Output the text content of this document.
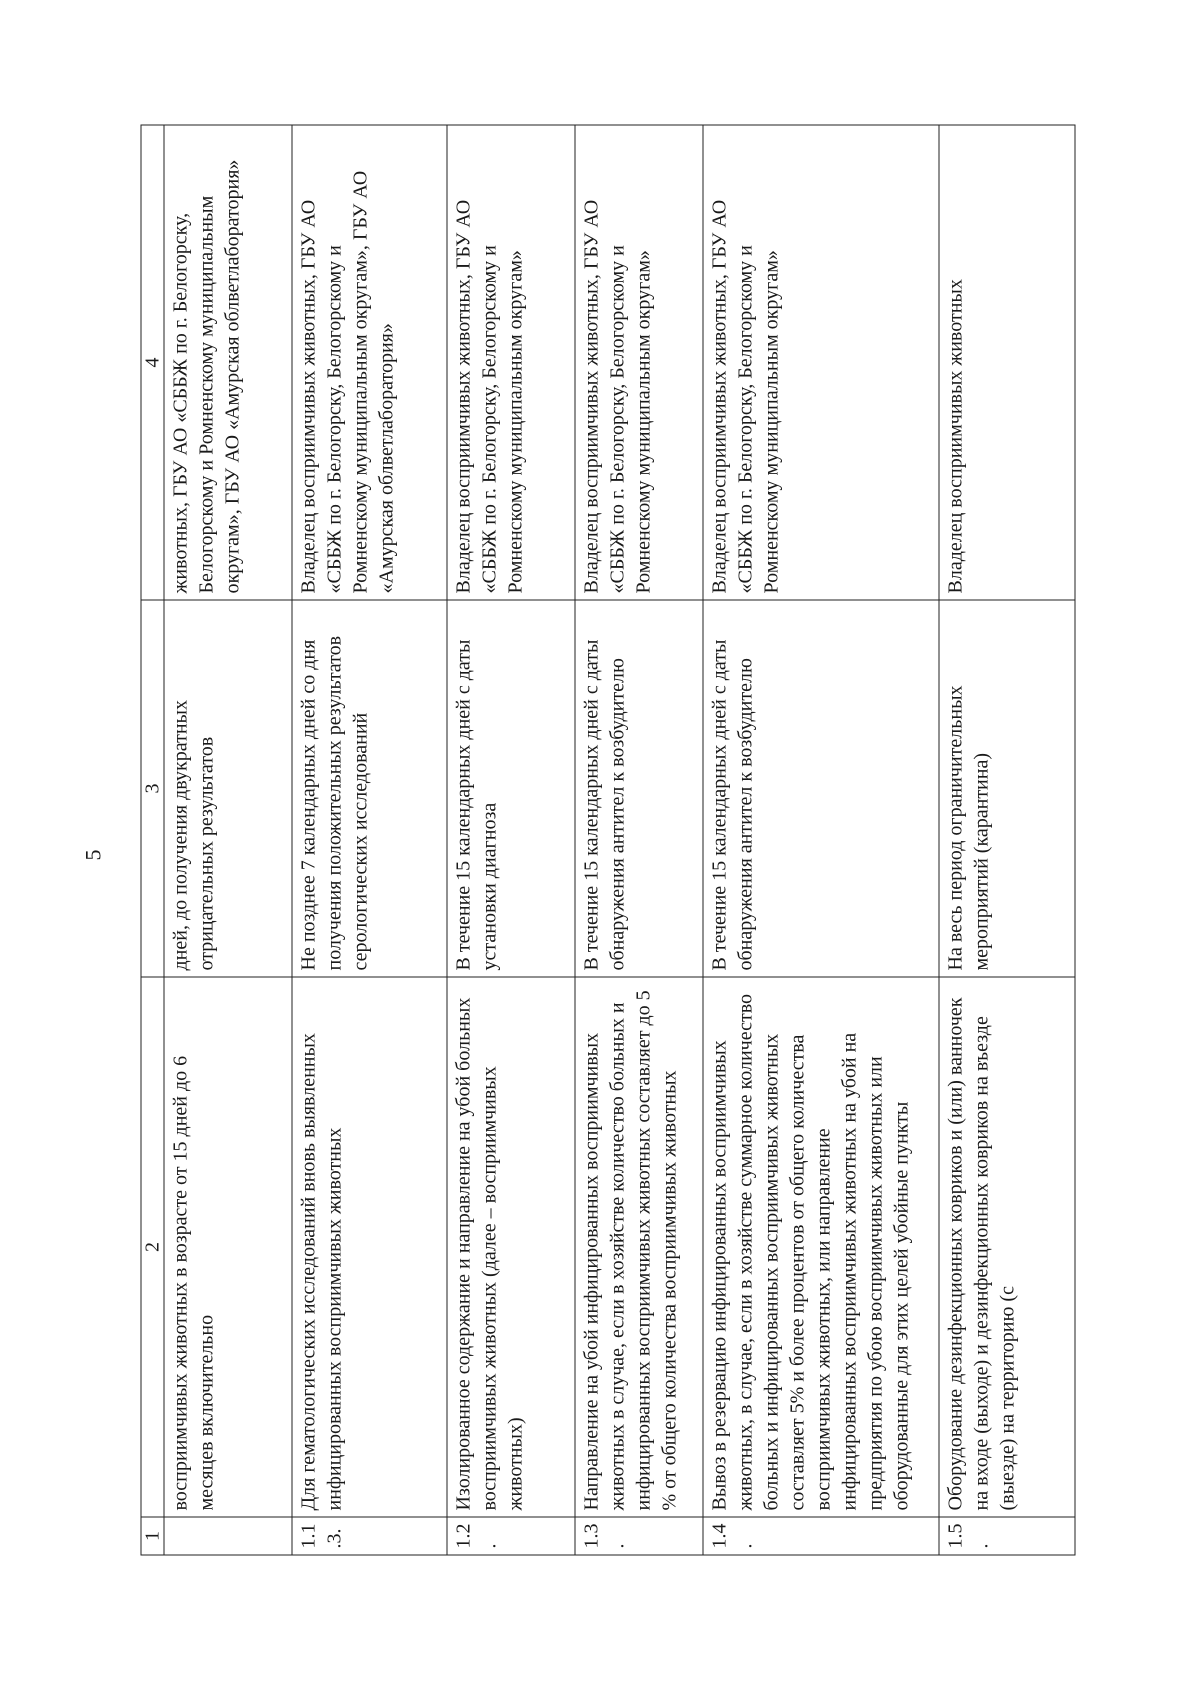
5
1	2	3	4
	восприимчивых животных в возрасте от 15 дней до 6 месяцев включительно	дней, до получения двукратных отрицательных результатов	животных, ГБУ АО «СББЖ по г. Белогорску, Белогорскому и Ромненскому муниципальным округам», ГБУ АО «Амурская облветлаборатория»
1.1.3.	Для гематологических исследований вновь выявленных инфицированных восприимчивых животных	Не позднее 7 календарных дней со дня получения положительных результатов серологических исследований	Владелец восприимчивых животных, ГБУ АО «СББЖ по г. Белогорску, Белогорскому и Ромненскому муниципальным округам», ГБУ АО «Амурская облветлаборатория»
1.2.	Изолированное содержание и направление на убой больных восприимчивых животных (далее – восприимчивых животных)	В течение 15 календарных дней с даты установки диагноза	Владелец восприимчивых животных, ГБУ АО «СББЖ по г. Белогорску, Белогорскому и Ромненскому муниципальным округам»
1.3.	Направление на убой инфицированных восприимчивых животных в случае, если в хозяйстве количество больных и инфицированных восприимчивых животных составляет до 5 % от общего количества восприимчивых животных	В течение 15 календарных дней с даты обнаружения антител к возбудителю	Владелец восприимчивых животных, ГБУ АО «СББЖ по г. Белогорску, Белогорскому и Ромненскому муниципальным округам»
1.4.	Вывоз в резервацию инфицированных восприимчивых животных, в случае, если в хозяйстве суммарное количество больных и инфицированных восприимчивых животных составляет 5% и более процентов от общего количества восприимчивых животных, или направление инфицированных восприимчивых животных на убой на предприятия по убою восприимчивых животных или оборудованные для этих целей убойные пункты	В течение 15 календарных дней с даты обнаружения антител к возбудителю	Владелец восприимчивых животных, ГБУ АО «СББЖ по г. Белогорску, Белогорскому и Ромненскому муниципальным округам»
1.5.	Оборудование дезинфекционных ковриков и (или) ванночек на входе (выходе) и дезинфекционных ковриков на въезде (выезде) на территорию (с	На весь период ограничительных мероприятий (карантина)	Владелец восприимчивых животных
